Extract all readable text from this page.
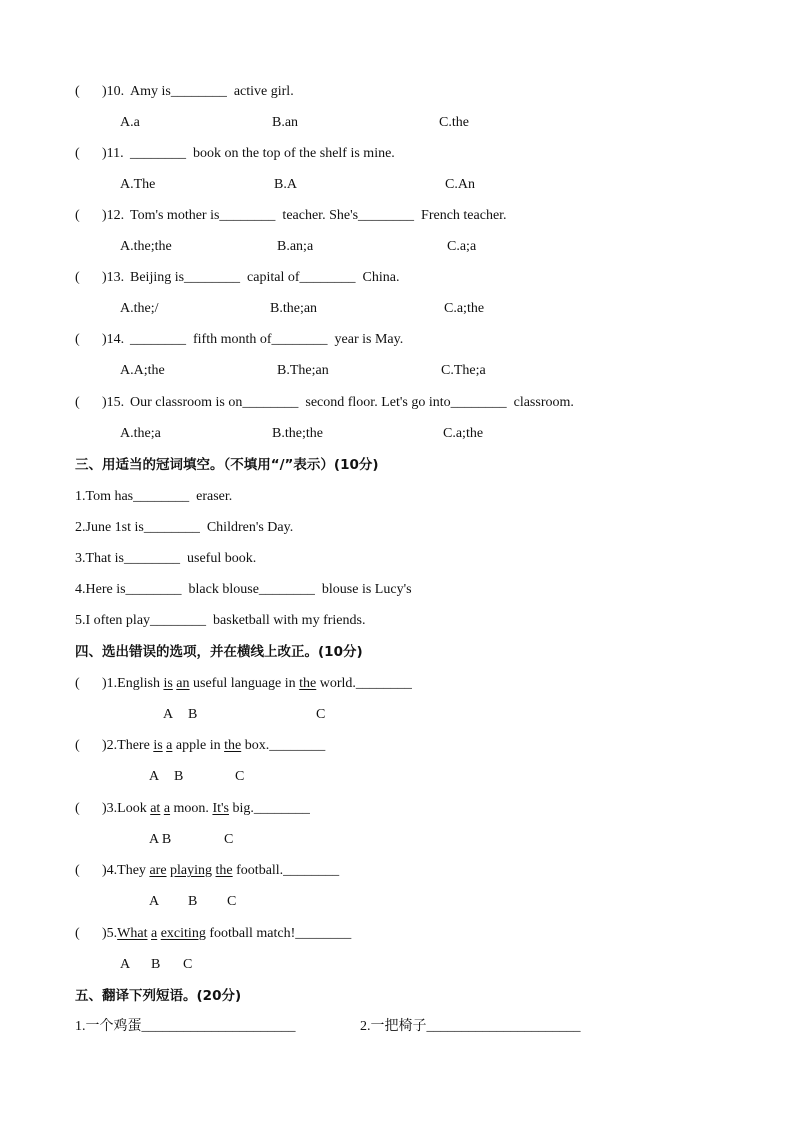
( )10. Amy is________  active girl.
A.a	B.an	C.the
( )11. ________  book on the top of the shelf is mine.
A.The	B.A	C.An
( )12. Tom's mother is________  teacher. She's________  French teacher.
A.the;the	B.an;a	C.a;a
( )13. Beijing is________  capital of________  China.
A.the;/	B.the;an	C.a;the
( )14. ________  fifth month of________  year is May.
A.A;the	B.The;an	C.The;a
( )15. Our classroom is on________  second floor. Let's go into________  classroom.
A.the;a	B.the;the	C.a;the
三、用适当的冠词填空。（不填用“/”表示）(10分)
1.Tom has________  eraser.
2.June 1st is________  Children's Day.
3.That is________  useful book.
4.Here is________  black blouse________  blouse is Lucy's
5.I often play________  basketball with my friends.
四、选出错误的选项，并在横线上改正。(10分)
( )1.English is an useful language in the world.________
A B	C
( )2.There is a apple in the box.________
A B	C
( )3.Look at a moon. It's big.________
A B	C
( )4.They are playing the football.________
A B C
( )5.What a exciting football match!________
A B C
五、翻译下列短语。(20分)
1.一个鸡蛋______________________	2.一把椅子______________________
